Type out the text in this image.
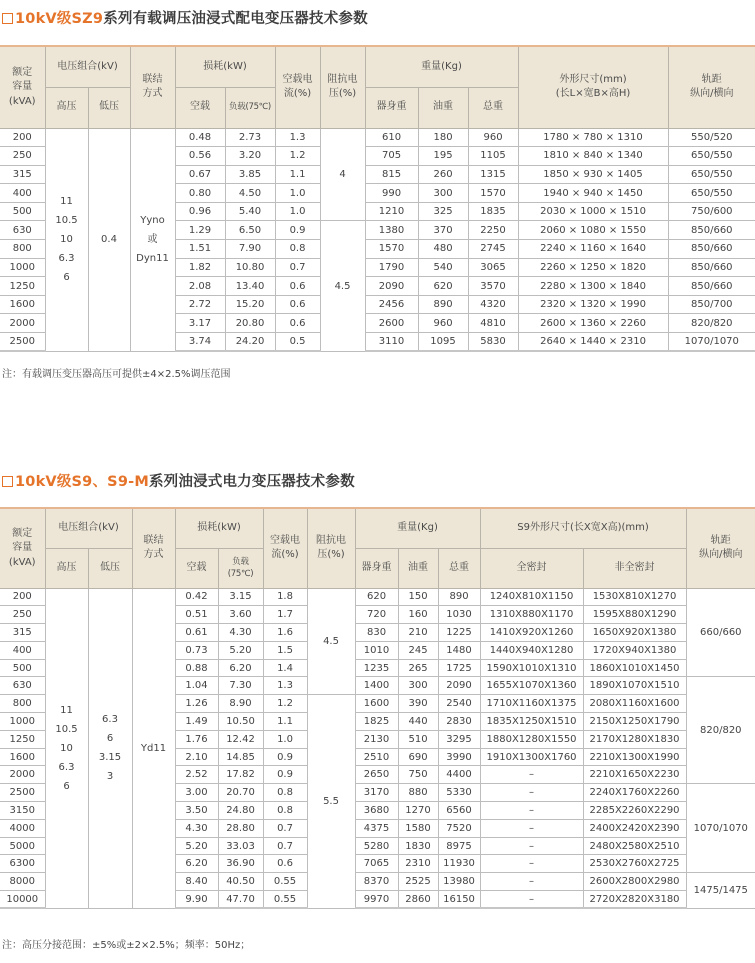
10kV级SZ9系列有载调压油浸式配电变压器技术参数
额定
容量
(kVA)	电压组合(kV)		联结
方式	损耗(kW)		空载电
流(%)	阻抗电
压(%)	重量(Kg)			外形尺寸(mm)
(长L×宽B×高H)	轨距
纵向/横向
	高压	低压		空载	负载(75℃)			器身重	油重	总重		
200	11
10.5
10
6.3
6	0.4	Yyno
或
Dyn11	0.48	2.73	1.3	4	610	180	960	1780 × 780 × 1310	550/520
250				0.56	3.20	1.2		705	195	1105	1810 × 840 × 1340	650/550
315				0.67	3.85	1.1		815	260	1315	1850 × 930 × 1405	650/550
400				0.80	4.50	1.0		990	300	1570	1940 × 940 × 1450	650/550
500				0.96	5.40	1.0		1210	325	1835	2030 × 1000 × 1510	750/600
630				1.29	6.50	0.9	4.5	1380	370	2250	2060 × 1080 × 1550	850/660
800				1.51	7.90	0.8		1570	480	2745	2240 × 1160 × 1640	850/660
1000				1.82	10.80	0.7		1790	540	3065	2260 × 1250 × 1820	850/660
1250				2.08	13.40	0.6		2090	620	3570	2280 × 1300 × 1840	850/660
1600				2.72	15.20	0.6		2456	890	4320	2320 × 1320 × 1990	850/700
2000				3.17	20.80	0.6		2600	960	4810	2600 × 1360 × 2260	820/820
2500				3.74	24.20	0.5		3110	1095	5830	2640 × 1440 × 2310	1070/1070
注：有载调压变压器高压可提供±4×2.5%调压范围
10kV级S9、S9-M系列油浸式电力变压器技术参数
额定
容量
(kVA)	电压组合(kV)		联结
方式	损耗(kW)		空载电
流(%)	阻抗电
压(%)	重量(Kg)			S9外形尺寸(长X宽X高)(mm)		轨距
纵向/横向
	高压	低压		空载	负载(75℃)			器身重	油重	总重	全密封	非全密封	
200	11
10.5
10
6.3
6	6.3
6
3.15
3	Yd11	0.42	3.15	1.8	4.5	620	150	890	1240X810X1150	1530X810X1270	660/660
250				0.51	3.60	1.7		720	160	1030	1310X880X1170	1595X880X1290	
315				0.61	4.30	1.6		830	210	1225	1410X920X1260	1650X920X1380	
400				0.73	5.20	1.5		1010	245	1480	1440X940X1280	1720X940X1380	
500				0.88	6.20	1.4		1235	265	1725	1590X1010X1310	1860X1010X1450	
630				1.04	7.30	1.3		1400	300	2090	1655X1070X1360	1890X1070X1510	820/820
800				1.26	8.90	1.2	5.5	1600	390	2540	1710X1160X1375	2080X1160X1600	
1000				1.49	10.50	1.1		1825	440	2830	1835X1250X1510	2150X1250X1790	
1250				1.76	12.42	1.0		2130	510	3295	1880X1280X1550	2170X1280X1830	
1600				2.10	14.85	0.9		2510	690	3990	1910X1300X1760	2210X1300X1990	
2000				2.52	17.82	0.9		2650	750	4400	–	2210X1650X2230	
2500				3.00	20.70	0.8		3170	880	5330	–	2240X1760X2260	1070/1070
3150				3.50	24.80	0.8		3680	1270	6560	–	2285X2260X2290	
4000				4.30	28.80	0.7		4375	1580	7520	–	2400X2420X2390	
5000				5.20	33.03	0.7		5280	1830	8975	–	2480X2580X2510	
6300				6.20	36.90	0.6		7065	2310	11930	–	2530X2760X2725	
8000				8.40	40.50	0.55		8370	2525	13980	–	2600X2800X2980	1475/1475
10000				9.90	47.70	0.55		9970	2860	16150	–	2720X2820X3180	
注：高压分接范围：±5%或±2×2.5%；频率：50Hz；
